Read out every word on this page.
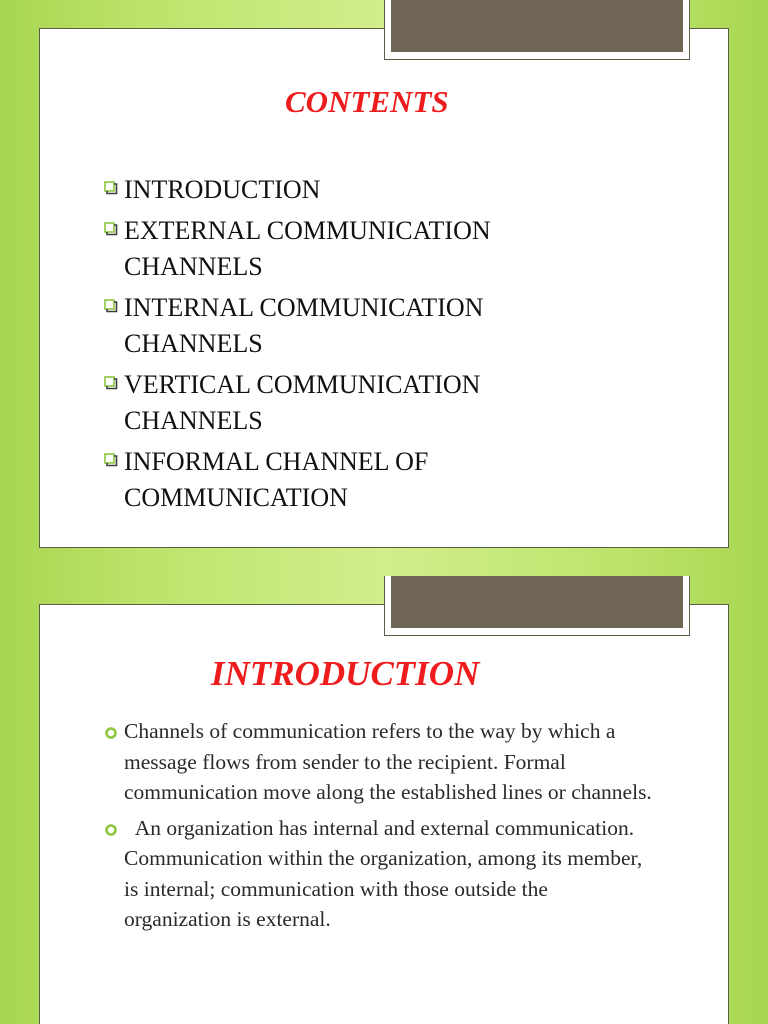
CONTENTS
INTRODUCTION
EXTERNAL COMMUNICATION CHANNELS
INTERNAL COMMUNICATION CHANNELS
VERTICAL COMMUNICATION CHANNELS
INFORMAL CHANNEL OF COMMUNICATION
INTRODUCTION
Channels of communication refers to the way by which a message flows from sender to the recipient. Formal communication move along the established lines or channels.
An organization has internal and external communication. Communication within the organization, among its member, is internal; communication with those outside the organization is external.
